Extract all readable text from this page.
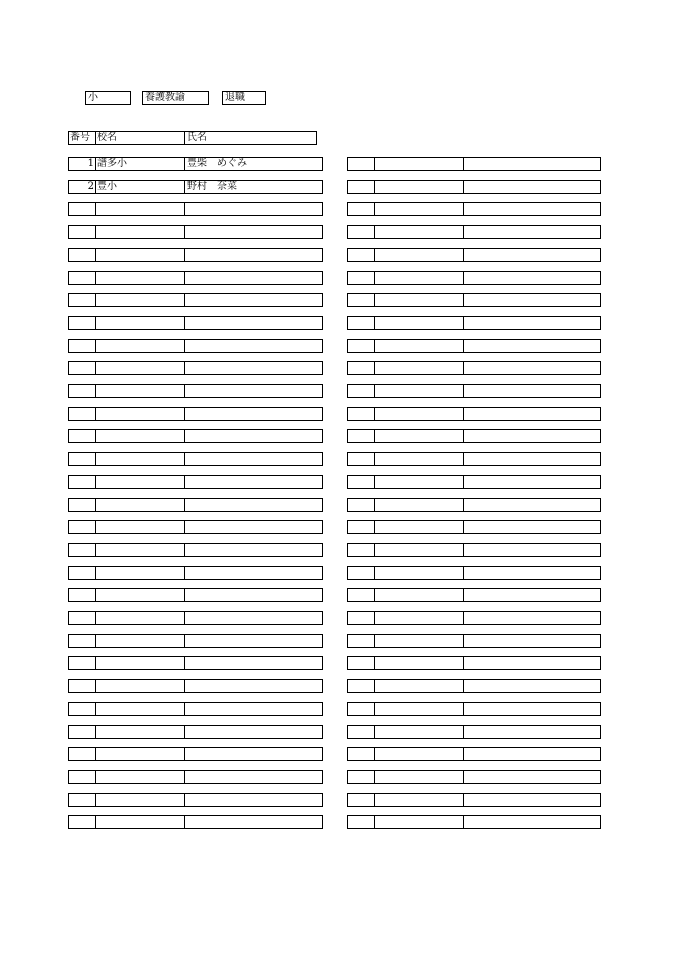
小	養護教諭	退職
番号 校名	氏名
1 譜多小	豊柴　めぐみ
2 豊小	野村　奈菜
